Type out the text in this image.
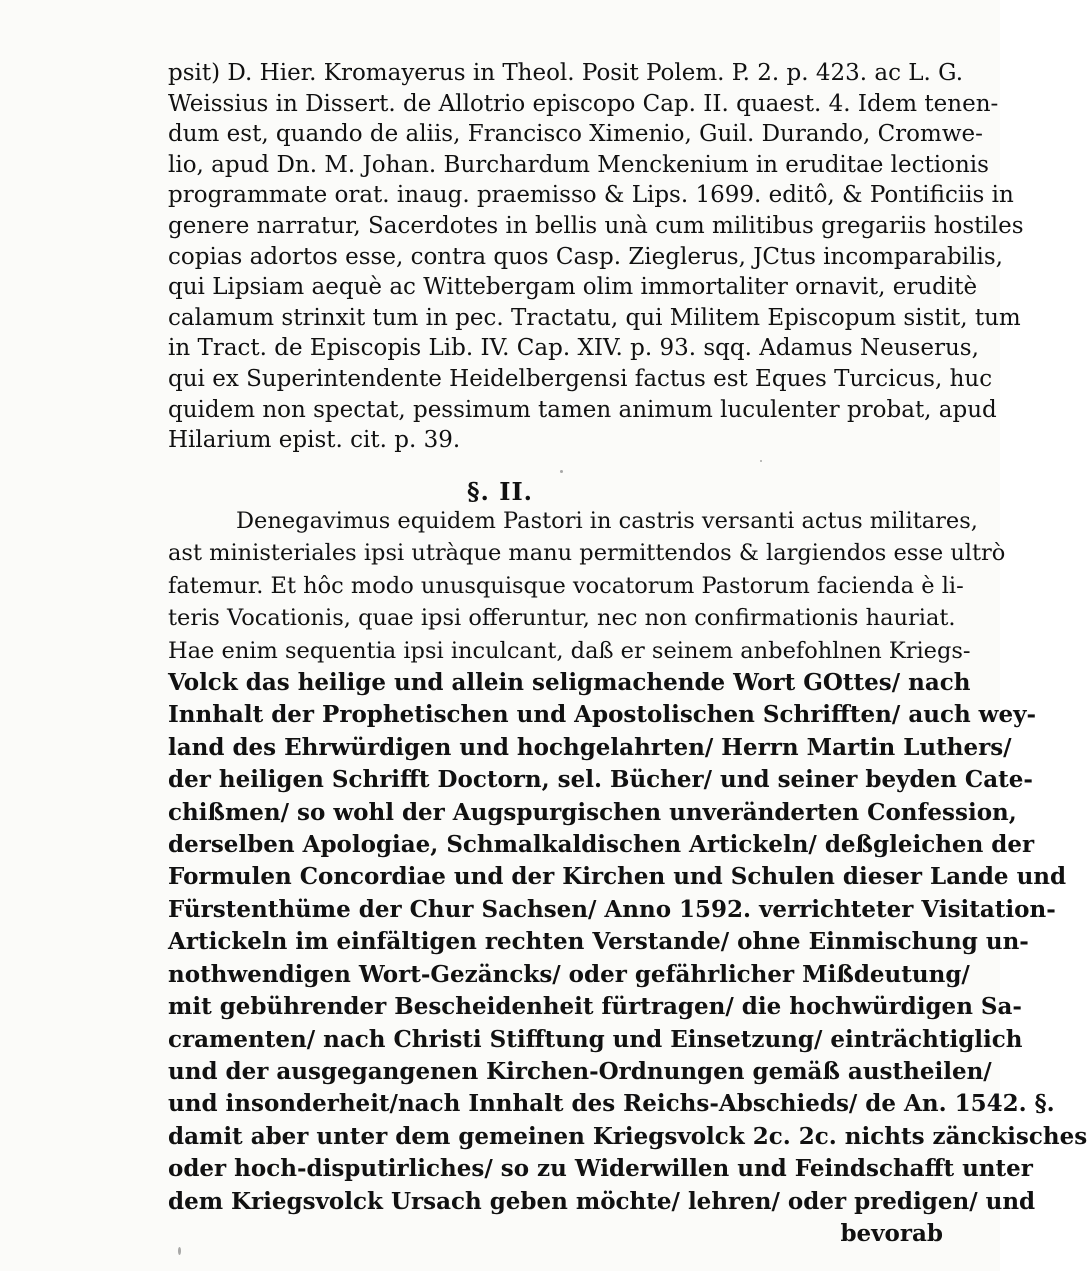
psit) D. Hier. Kromayerus in Theol. Posit Polem. P. 2. p. 423. ac L. G.
Weissius in Dissert. de Allotrio episcopo Cap. II. quaest. 4. Idem tenen-
dum est, quando de aliis, Francisco Ximenio, Guil. Durando, Cromwe-
lio, apud Dn. M. Johan. Burchardum Menckenium in eruditae lectionis
programmate orat. inaug. praemisso & Lips. 1699. editô, & Pontificiis in
genere narratur, Sacerdotes in bellis unà cum militibus gregariis hostiles
copias adortos esse, contra quos Casp. Zieglerus, JCtus incomparabilis,
qui Lipsiam aequè ac Wittebergam olim immortaliter ornavit, eruditè
calamum strinxit tum in pec. Tractatu, qui Militem Episcopum sistit, tum
in Tract. de Episcopis Lib. IV. Cap. XIV. p. 93. sqq. Adamus Neuserus,
qui ex Superintendente Heidelbergensi factus est Eques Turcicus, huc
quidem non spectat, pessimum tamen animum luculenter probat, apud
Hilarium epist. cit. p. 39.
§. II.
Denegavimus equidem Pastori in castris versanti actus militares,
ast ministeriales ipsi utràque manu permittendos & largiendos esse ultrò
fatemur. Et hôc modo unusquisque vocatorum Pastorum facienda è li-
teris Vocationis, quae ipsi offeruntur, nec non confirmationis hauriat.
Hae enim sequentia ipsi inculcant, daß er seinem anbefohlnen Kriegs-
Volck das heilige und allein seligmachende Wort GOttes/ nach
Innhalt der Prophetischen und Apostolischen Schrifften/ auch wey-
land des Ehrwürdigen und hochgelahrten/ Herrn Martin Luthers/
der heiligen Schrifft Doctorn, sel. Bücher/ und seiner beyden Cate-
chißmen/ so wohl der Augspurgischen unveränderten Confession,
derselben Apologiae, Schmalkaldischen Artickeln/ deßgleichen der
Formulen Concordiae und der Kirchen und Schulen dieser Lande und
Fürstenthüme der Chur Sachsen/ Anno 1592. verrichteter Visitation-
Artickeln im einfältigen rechten Verstande/ ohne Einmischung un-
nothwendigen Wort-Gezäncks/ oder gefährlicher Mißdeutung/
mit gebührender Bescheidenheit fürtragen/ die hochwürdigen Sa-
cramenten/ nach Christi Stifftung und Einsetzung/ einträchtiglich
und der ausgegangenen Kirchen-Ordnungen gemäß austheilen/
und insonderheit/nach Innhalt des Reichs-Abschieds/ de An. 1542. §.
damit aber unter dem gemeinen Kriegsvolck 2c. 2c. nichts zänckisches
oder hoch-disputirliches/ so zu Widerwillen und Feindschafft unter
dem Kriegsvolck Ursach geben möchte/ lehren/ oder predigen/ und
bevorab
